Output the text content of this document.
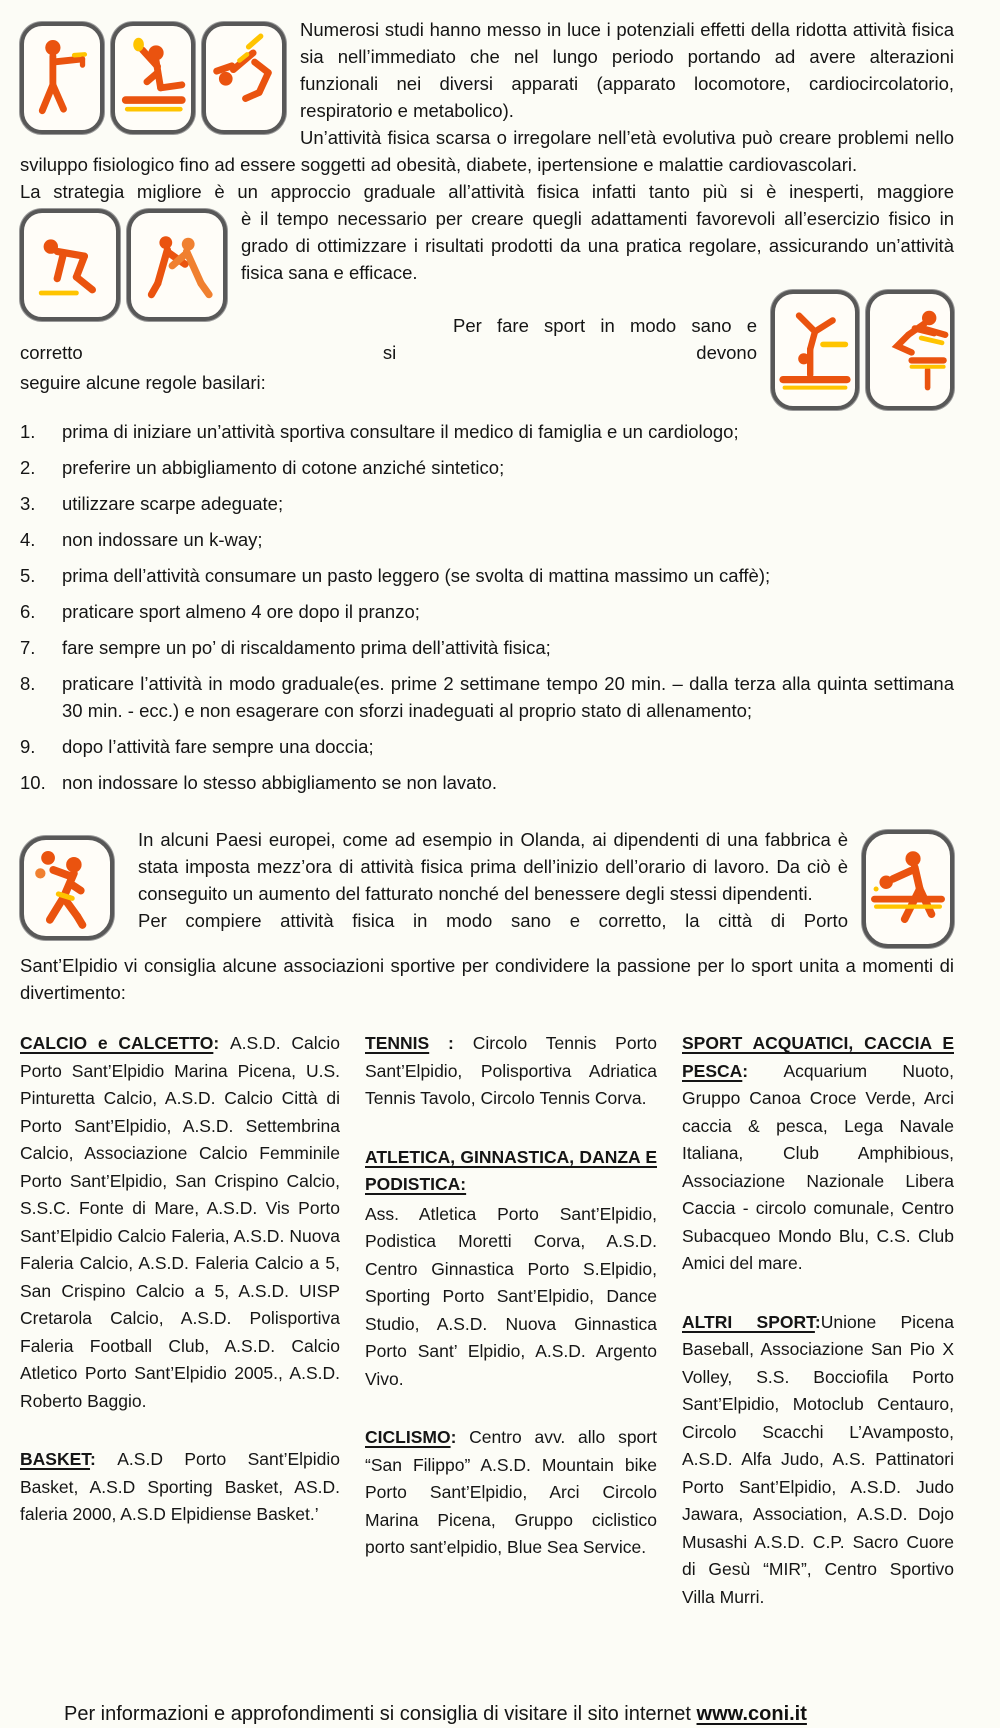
Numerosi studi hanno messo in luce i potenziali effetti della ridotta attività fisica sia nell’immediato che nel lungo periodo portando ad avere alterazioni funzionali nei diversi apparati (apparato locomotore, cardiocircolatorio, respiratorio e metabolico).

Un’attività fisica scarsa o irregolare nell’età evolutiva può creare problemi nello sviluppo fisiologico fino ad essere soggetti ad obesità, diabete, ipertensione e malattie cardiovascolari.

La strategia migliore è un approccio graduale all’attività fisica infatti tanto più si è inesperti, maggiore

è il tempo necessario per creare quegli adattamenti favorevoli all’esercizio fisico in grado di ottimizzare i risultati prodotti da una pratica regolare, assicurando un’attività fisica sana e efficace.

Per fare sport in modo sano e corretto si devono

seguire alcune regole basilari:

1.	prima di iniziare un’attività sportiva consultare il medico di famiglia e un cardiologo;
2.	preferire un abbigliamento di cotone anziché sintetico;
3.	utilizzare scarpe adeguate;
4.	non indossare un k-way;
5.	prima dell’attività consumare un pasto leggero (se svolta di mattina massimo un caffè);
6.	praticare sport almeno 4 ore dopo il pranzo;
7.	fare sempre un po’ di riscaldamento prima dell’attività fisica;
8.	praticare l’attività in modo graduale(es. prime 2 settimane tempo 20 min. – dalla terza alla quinta settimana 30 min. - ecc.) e non esagerare con sforzi inadeguati al proprio stato di allenamento;
9.	dopo l’attività fare sempre una doccia;
10. non indossare lo stesso abbigliamento se non lavato.

In alcuni Paesi europei, come ad esempio in Olanda, ai dipendenti di una fabbrica è stata imposta mezz’ora di attività fisica prima dell’inizio dell’orario di lavoro. Da ciò è conseguito un aumento del fatturato nonché del benessere degli stessi dipendenti.

Per compiere attività fisica in modo sano e corretto, la città di Porto

Sant’Elpidio vi consiglia alcune associazioni sportive per condividere la passione per lo sport unita a momenti di divertimento:

CALCIO e CALCETTO: A.S.D. Calcio Porto Sant’Elpidio Marina Picena, U.S. Pinturetta Calcio, A.S.D. Calcio Città di Porto Sant’Elpidio, A.S.D. Settembrina Calcio, Associazione Calcio Femminile Porto Sant’Elpidio, San Crispino Calcio, S.S.C. Fonte di Mare, A.S.D. Vis Porto Sant’Elpidio Calcio Faleria, A.S.D. Nuova Faleria Calcio, A.S.D. Faleria Calcio a 5, San Crispino Calcio a 5, A.S.D. UISP Cretarola Calcio, A.S.D. Polisportiva Faleria Football Club, A.S.D. Calcio Atletico Porto Sant’Elpidio 2005., A.S.D. Roberto Baggio.

BASKET: A.S.D Porto Sant’Elpidio Basket, A.S.D Sporting Basket, AS.D. faleria 2000, A.S.D Elpidiense Basket.’

TENNIS : Circolo Tennis Porto Sant’Elpidio, Polisportiva Adriatica Tennis Tavolo, Circolo Tennis Corva.

ATLETICA, GINNASTICA, DANZA E PODISTICA:
Ass. Atletica Porto Sant’Elpidio, Podistica Moretti Corva, A.S.D. Centro Ginnastica Porto S.Elpidio, Sporting Porto Sant’Elpidio, Dance Studio, A.S.D. Nuova Ginnastica Porto Sant’ Elpidio, A.S.D. Argento Vivo.

CICLISMO: Centro avv. allo sport “San Filippo” A.S.D. Mountain bike Porto Sant’Elpidio, Arci Circolo Marina Picena, Gruppo ciclistico porto sant’elpidio, Blue Sea Service.

SPORT ACQUATICI, CACCIA E PESCA: Acquarium Nuoto, Gruppo Canoa Croce Verde, Arci caccia & pesca, Lega Navale Italiana, Club Amphibious, Associazione Nazionale Libera Caccia - circolo comunale, Centro Subacqueo Mondo Blu, C.S. Club Amici del mare.

ALTRI SPORT:Unione Picena Baseball, Associazione San Pio X Volley, S.S. Bocciofila Porto Sant’Elpidio, Motoclub Centauro, Circolo Scacchi L’Avamposto, A.S.D. Alfa Judo, A.S. Pattinatori Porto Sant’Elpidio, A.S.D. Judo Jawara, Association, A.S.D. Dojo Musashi A.S.D. C.P. Sacro Cuore di Gesù “MIR”, Centro Sportivo Villa Murri.

Per informazioni e approfondimenti si consiglia di visitare il sito internet www.coni.it
